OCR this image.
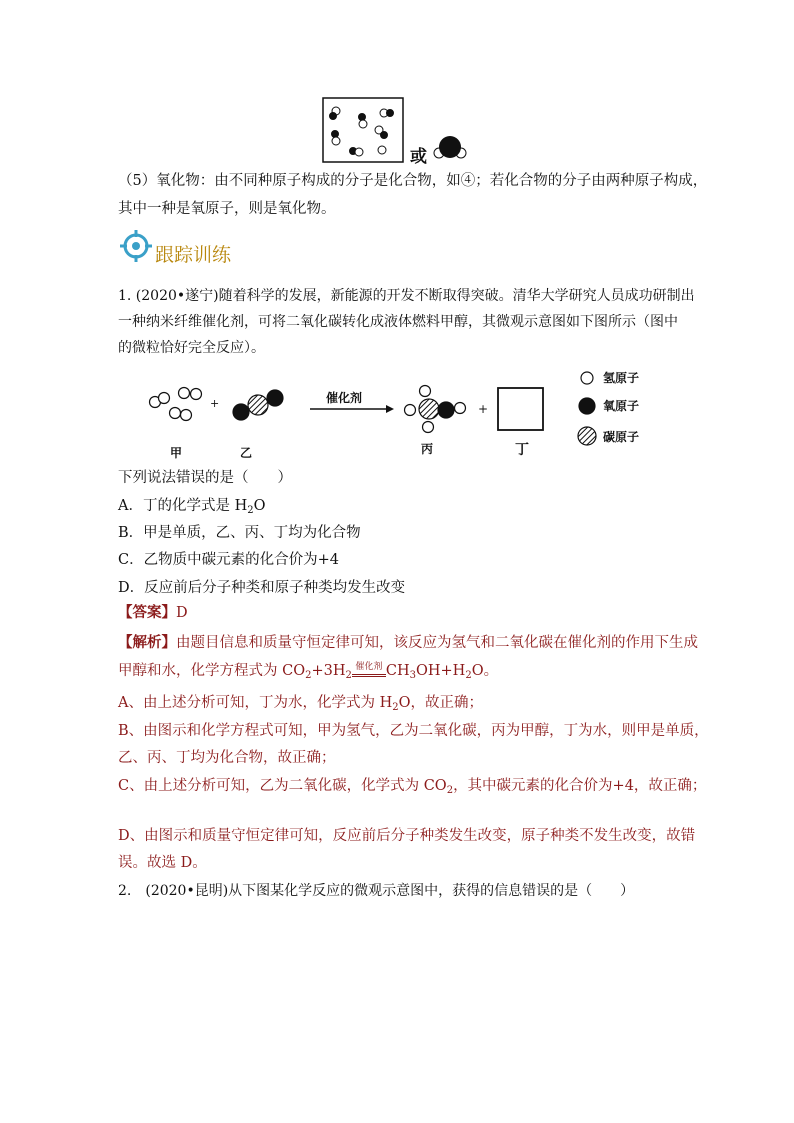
或
（5）氧化物：由不同种原子构成的分子是化合物，如④；若化合物的分子由两种原子构成，
其中一种是氧原子，则是氧化物。
跟踪训练
1. (2020•遂宁)随着科学的发展，新能源的开发不断取得突破。清华大学研究人员成功研制出
一种纳米纤维催化剂，可将二氧化碳转化成液体燃料甲醇，其微观示意图如下图所示（图中
的微粒恰好完全反应）。
+	+
催化剂
甲	乙	丙	丁
氢原子
氧原子
碳原子
下列说法错误的是（　　）
A．丁的化学式是 $H_2O$
B．甲是单质，乙、丙、丁均为化合物
C．乙物质中碳元素的化合价为+4
D．反应前后分子种类和原子种类均发生改变
【答案】D
【解析】由题目信息和质量守恒定律可知，该反应为氢气和二氧化碳在催化剂的作用下生成
甲醇和水，化学方程式为 $CO_2+3H_2$催化剂 $CH_3OH+H_2O$。
A、由上述分析可知，丁为水，化学式为 $H_2O$，故正确；
B、由图示和化学方程式可知，甲为氢气，乙为二氧化碳，丙为甲醇，丁为水，则甲是单质，
乙、丙、丁均为化合物，故正确；
C、由上述分析可知，乙为二氧化碳，化学式为 $CO_2$，其中碳元素的化合价为+4，故正确；
D、由图示和质量守恒定律可知，反应前后分子种类发生改变，原子种类不发生改变，故错
误。故选 D。
2.　(2020•昆明)从下图某化学反应的微观示意图中，获得的信息错误的是（　　）
